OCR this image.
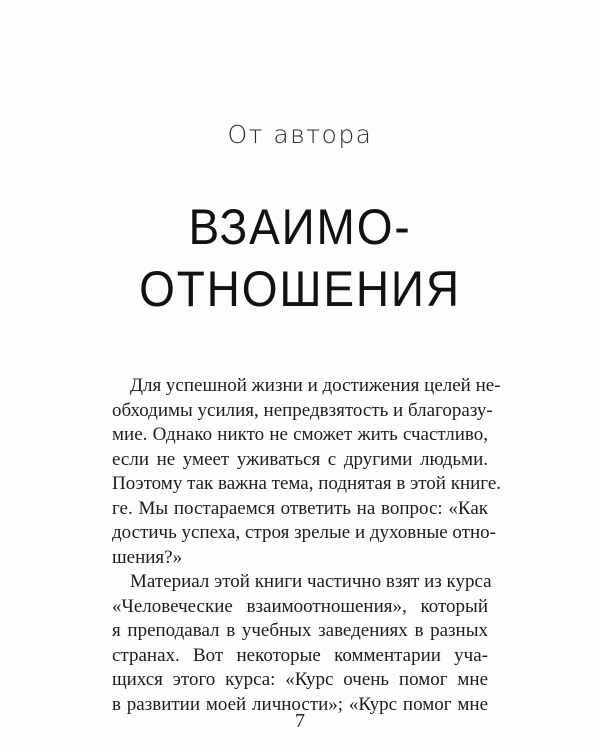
От автора
ВЗАИМО-
ОТНОШЕНИЯ
Для успешной жизни и достижения целей не-
обходимы усилия, непредвзятость и благоразу-
мие. Однако никто не сможет жить счастливо,
если не умеет уживаться с другими людьми.
Поэтому так важна тема, поднятая в этой книге.
ге. Мы постараемся ответить на вопрос: «Как
достичь успеха, строя зрелые и духовные отно-
шения?»
Материал этой книги частично взят из курса
«Человеческие взаимоотношения», который
я преподавал в учебных заведениях в разных
странах. Вот некоторые комментарии уча-
щихся этого курса: «Курс очень помог мне
в развитии моей личности»; «Курс помог мне
7
